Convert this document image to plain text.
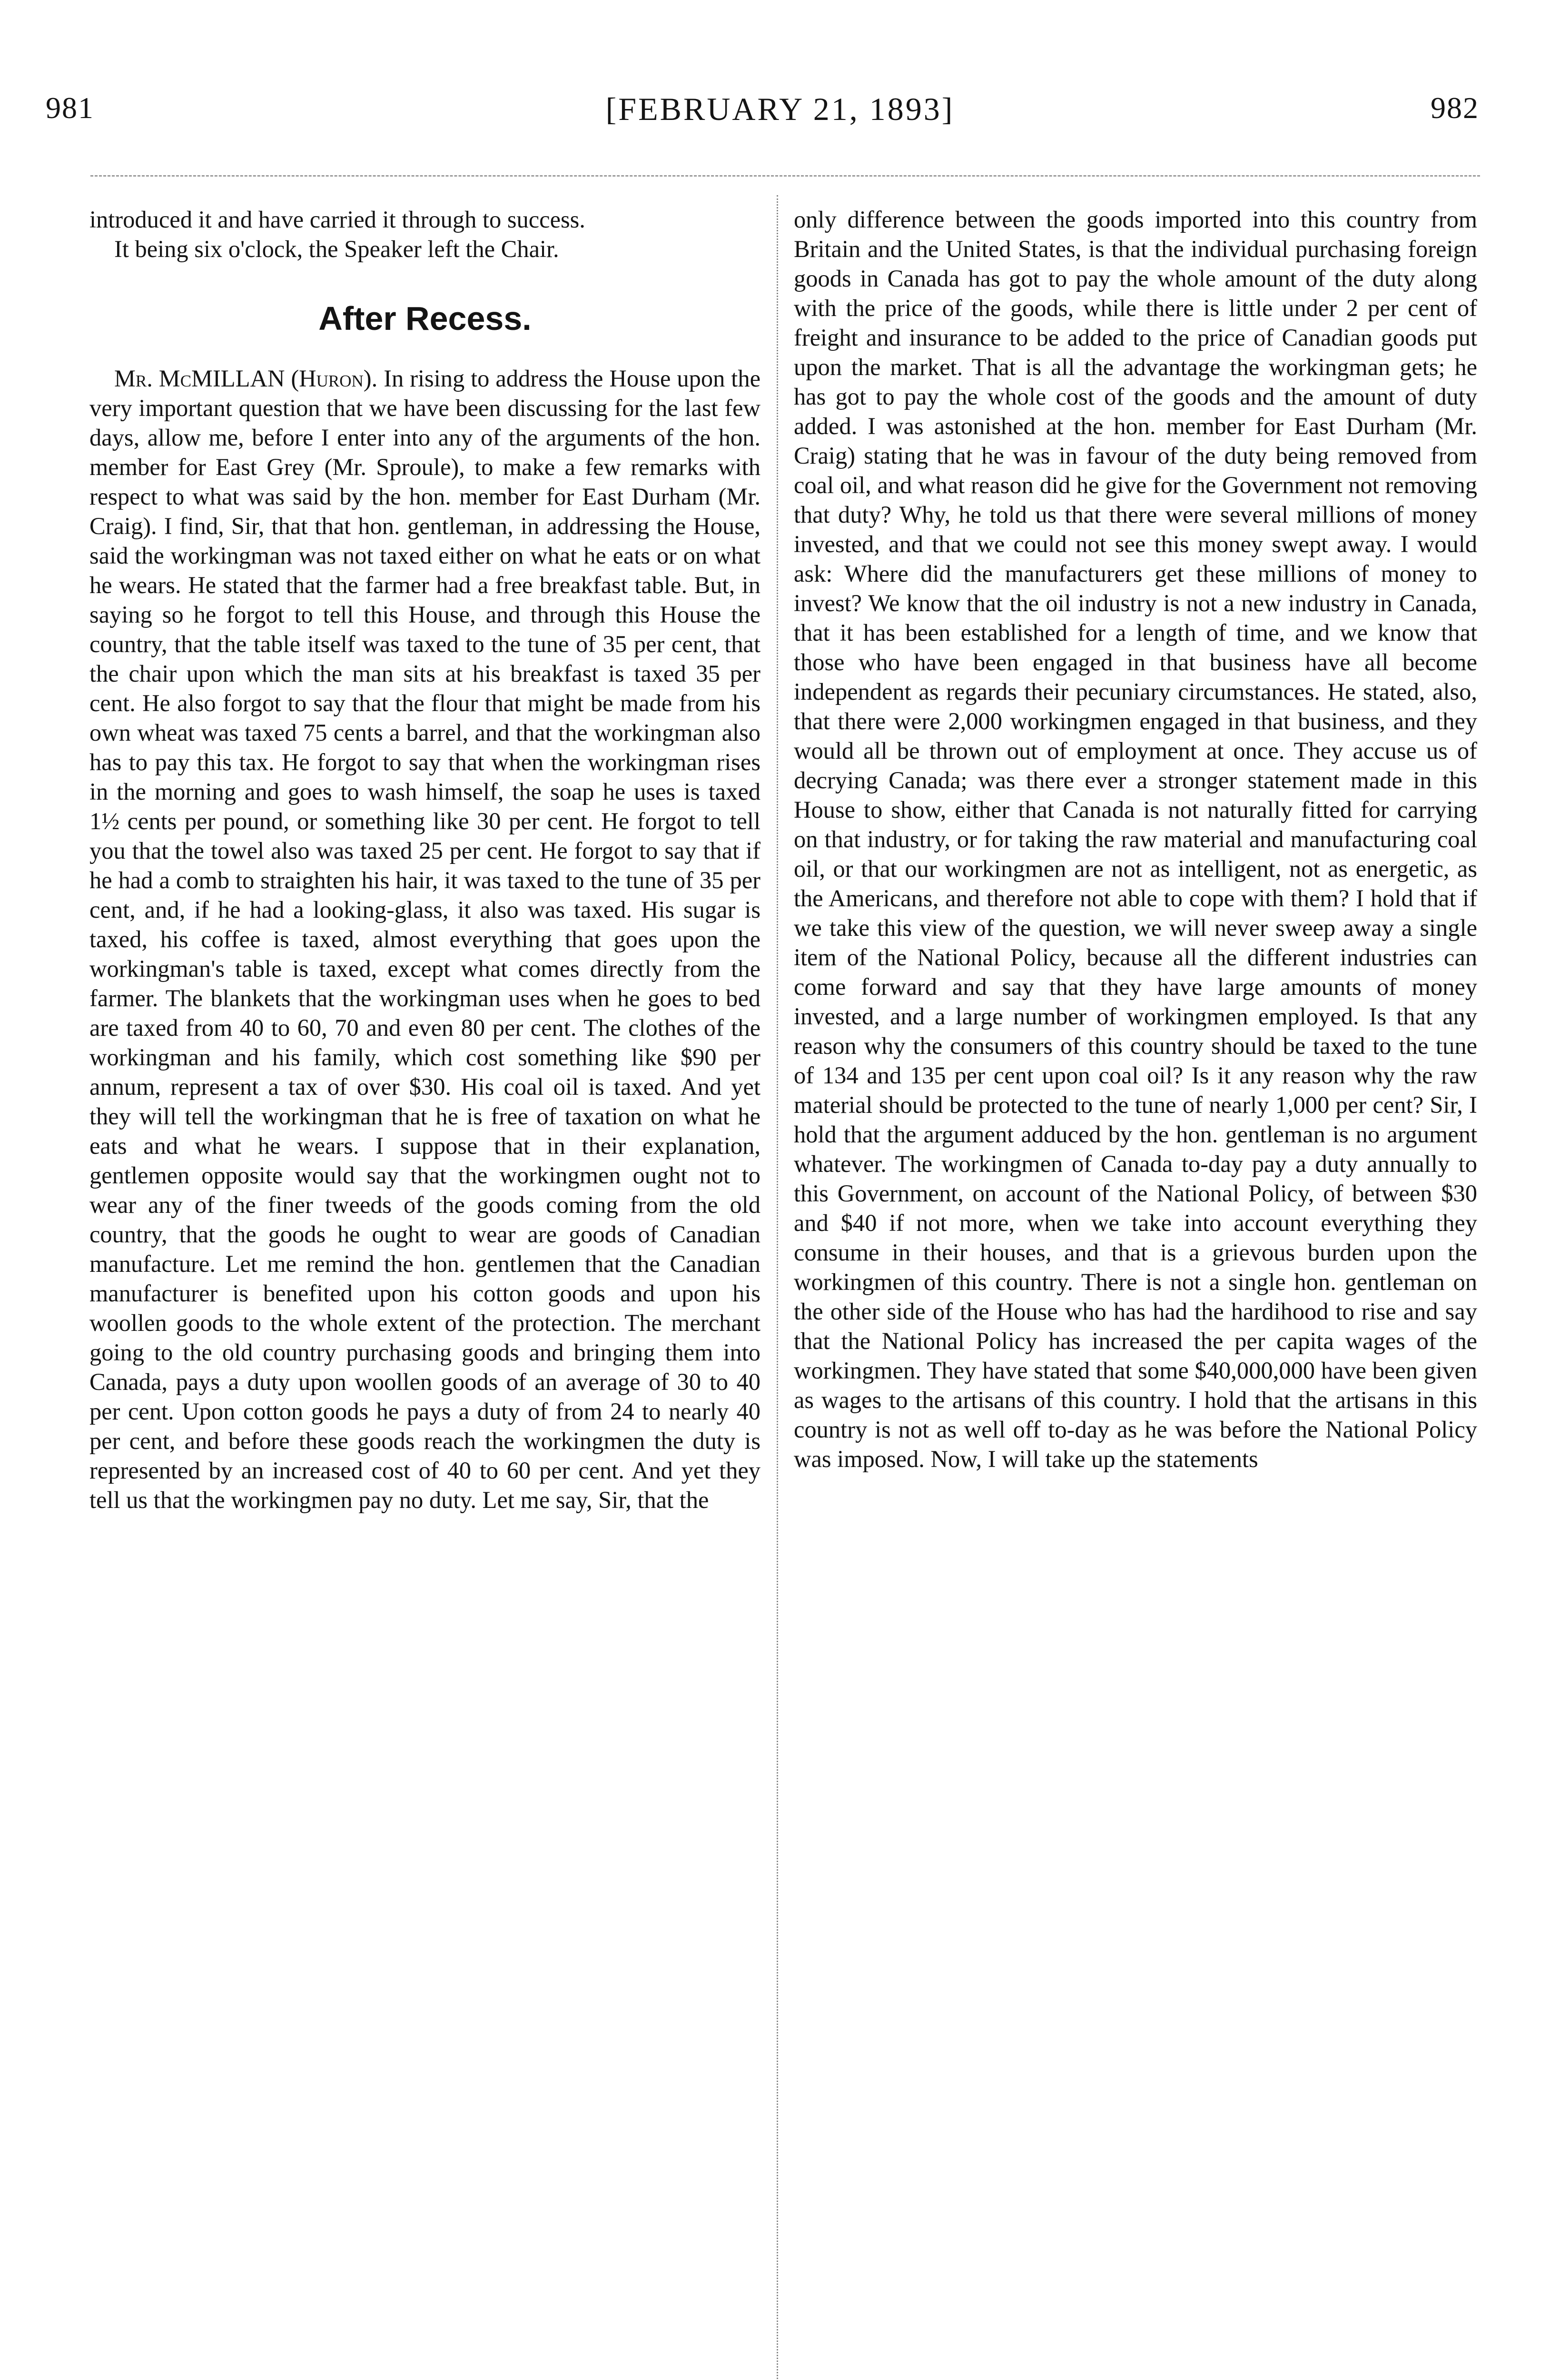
981	[FEBRUARY 21, 1893]	982

introduced it and have carried it through to success.

It being six o'clock, the Speaker left the Chair.

After Recess.

Mr. McMILLAN (Huron). In rising to address the House upon the very important question that we have been discussing for the last few days, allow me, before I enter into any of the arguments of the hon. member for East Grey (Mr. Sproule), to make a few remarks with respect to what was said by the hon. member for East Durham (Mr. Craig). I find, Sir, that that hon. gentleman, in addressing the House, said the workingman was not taxed either on what he eats or on what he wears. He stated that the farmer had a free breakfast table. But, in saying so he forgot to tell this House, and through this House the country, that the table itself was taxed to the tune of 35 per cent, that the chair upon which the man sits at his breakfast is taxed 35 per cent. He also forgot to say that the flour that might be made from his own wheat was taxed 75 cents a barrel, and that the workingman also has to pay this tax. He forgot to say that when the workingman rises in the morning and goes to wash himself, the soap he uses is taxed 1½ cents per pound, or something like 30 per cent. He forgot to tell you that the towel also was taxed 25 per cent. He forgot to say that if he had a comb to straighten his hair, it was taxed to the tune of 35 per cent, and, if he had a looking-glass, it also was taxed. His sugar is taxed, his coffee is taxed, almost everything that goes upon the workingman's table is taxed, except what comes directly from the farmer. The blankets that the workingman uses when he goes to bed are taxed from 40 to 60, 70 and even 80 per cent. The clothes of the workingman and his family, which cost something like $90 per annum, represent a tax of over $30. His coal oil is taxed. And yet they will tell the workingman that he is free of taxation on what he eats and what he wears. I suppose that in their explanation, gentlemen opposite would say that the workingmen ought not to wear any of the finer tweeds of the goods coming from the old country, that the goods he ought to wear are goods of Canadian manufacture. Let me remind the hon. gentlemen that the Canadian manufacturer is benefited upon his cotton goods and upon his woollen goods to the whole extent of the protection. The merchant going to the old country purchasing goods and bringing them into Canada, pays a duty upon woollen goods of an average of 30 to 40 per cent. Upon cotton goods he pays a duty of from 24 to nearly 40 per cent, and before these goods reach the workingmen the duty is represented by an increased cost of 40 to 60 per cent. And yet they tell us that the workingmen pay no duty. Let me say, Sir, that the

only difference between the goods imported into this country from Britain and the United States, is that the individual purchasing foreign goods in Canada has got to pay the whole amount of the duty along with the price of the goods, while there is little under 2 per cent of freight and insurance to be added to the price of Canadian goods put upon the market. That is all the advantage the workingman gets; he has got to pay the whole cost of the goods and the amount of duty added. I was astonished at the hon. member for East Durham (Mr. Craig) stating that he was in favour of the duty being removed from coal oil, and what reason did he give for the Government not removing that duty? Why, he told us that there were several millions of money invested, and that we could not see this money swept away. I would ask: Where did the manufacturers get these millions of money to invest? We know that the oil industry is not a new industry in Canada, that it has been established for a length of time, and we know that those who have been engaged in that business have all become independent as regards their pecuniary circumstances. He stated, also, that there were 2,000 workingmen engaged in that business, and they would all be thrown out of employment at once. They accuse us of decrying Canada; was there ever a stronger statement made in this House to show, either that Canada is not naturally fitted for carrying on that industry, or for taking the raw material and manufacturing coal oil, or that our workingmen are not as intelligent, not as energetic, as the Americans, and therefore not able to cope with them? I hold that if we take this view of the question, we will never sweep away a single item of the National Policy, because all the different industries can come forward and say that they have large amounts of money invested, and a large number of workingmen employed. Is that any reason why the consumers of this country should be taxed to the tune of 134 and 135 per cent upon coal oil? Is it any reason why the raw material should be protected to the tune of nearly 1,000 per cent? Sir, I hold that the argument adduced by the hon. gentleman is no argument whatever. The workingmen of Canada to-day pay a duty annually to this Government, on account of the National Policy, of between $30 and $40 if not more, when we take into account everything they consume in their houses, and that is a grievous burden upon the workingmen of this country. There is not a single hon. gentleman on the other side of the House who has had the hardihood to rise and say that the National Policy has increased the per capita wages of the workingmen. They have stated that some $40,000,000 have been given as wages to the artisans of this country. I hold that the artisans in this country is not as well off to-day as he was before the National Policy was imposed. Now, I will take up the statements
